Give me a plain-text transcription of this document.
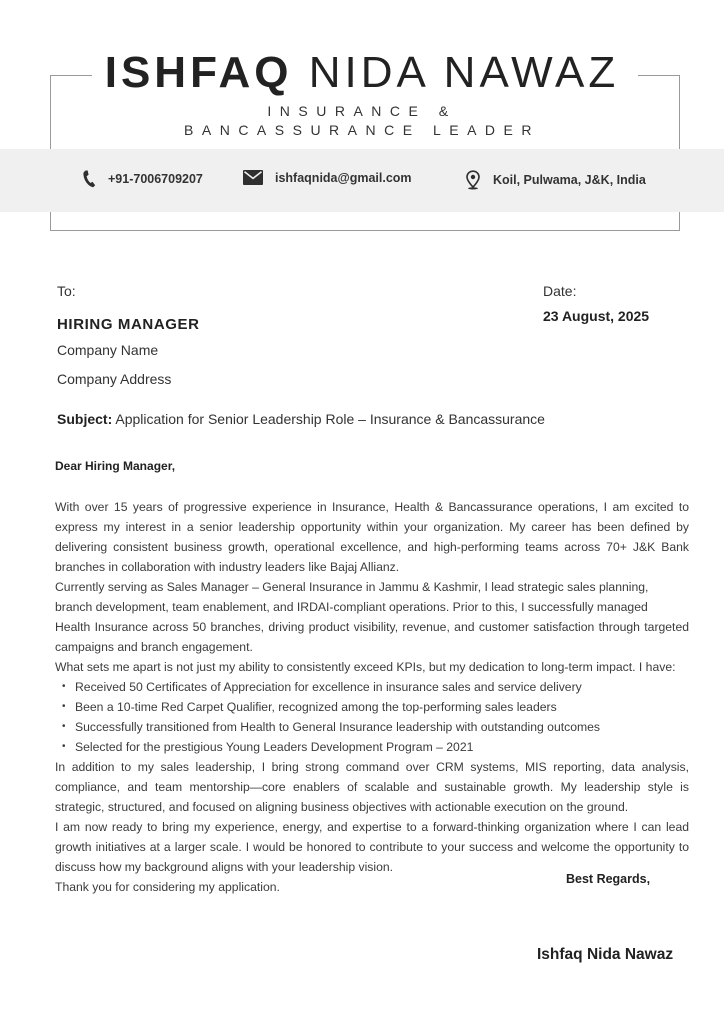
ISHFAQ NIDA NAWAZ
INSURANCE &
BANCASSURANCE LEADER
+91-7006709207	ishfaqnida@gmail.com	Koil, Pulwama, J&K, India
To:	Date:
HIRING MANAGER	23 August, 2025
Company Name
Company Address
Subject: Application for Senior Leadership Role – Insurance & Bancassurance
Dear Hiring Manager,

With over 15 years of progressive experience in Insurance, Health & Bancassurance operations, I am excited to express my interest in a senior leadership opportunity within your organization. My career has been defined by delivering consistent business growth, operational excellence, and high-performing teams across 70+ J&K Bank branches in collaboration with industry leaders like Bajaj Allianz.

Currently serving as Sales Manager – General Insurance in Jammu & Kashmir, I lead strategic sales planning,

branch development, team enablement, and IRDAI-compliant operations. Prior to this, I successfully managed

Health Insurance across 50 branches, driving product visibility, revenue, and customer satisfaction through targeted campaigns and branch engagement.

What sets me apart is not just my ability to consistently exceed KPIs, but my dedication to long-term impact. I have:

• Received 50 Certificates of Appreciation for excellence in insurance sales and service delivery
• Been a 10-time Red Carpet Qualifier, recognized among the top-performing sales leaders
• Successfully transitioned from Health to General Insurance leadership with outstanding outcomes
• Selected for the prestigious Young Leaders Development Program – 2021

In addition to my sales leadership, I bring strong command over CRM systems, MIS reporting, data analysis, compliance, and team mentorship—core enablers of scalable and sustainable growth. My leadership style is strategic, structured, and focused on aligning business objectives with actionable execution on the ground.

I am now ready to bring my experience, energy, and expertise to a forward-thinking organization where I can lead growth initiatives at a larger scale. I would be honored to contribute to your success and welcome the opportunity to discuss how my background aligns with your leadership vision.

Thank you for considering my application.

Best Regards,
Ishfaq Nida Nawaz
